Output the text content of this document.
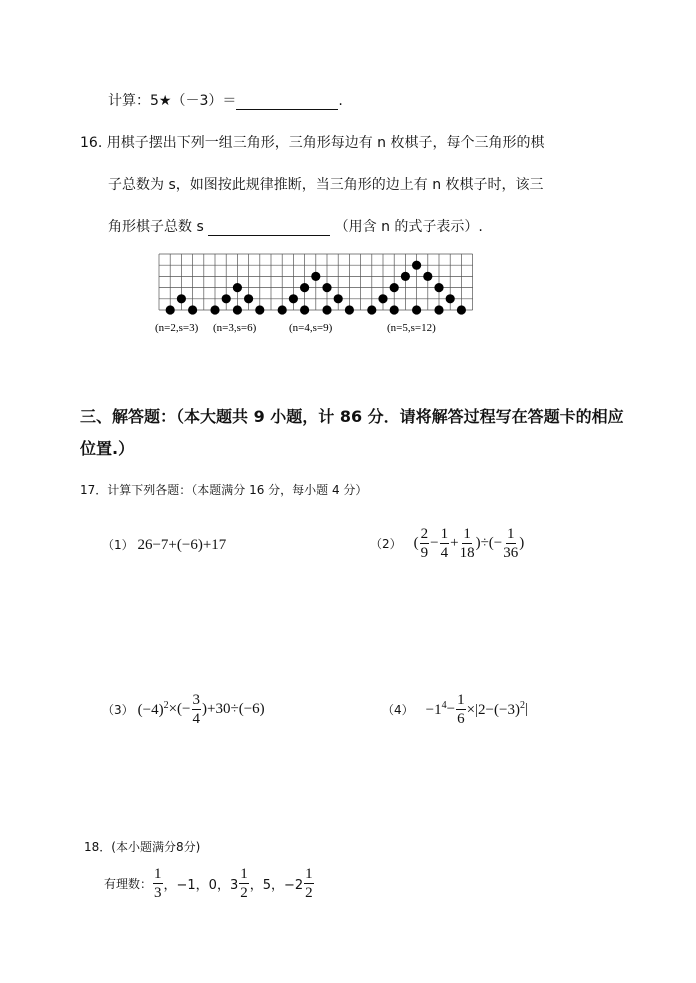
计算：5★（－3）＝	.
16. 用棋子摆出下列一组三角形，三角形每边有 n 枚棋子，每个三角形的棋
子总数为 s，如图按此规律推断，当三角形的边上有 n 枚棋子时，该三
角形棋子总数 s	（用含 n 的式子表示）.
(n=2,s=3) (n=3,s=6)	(n=4,s=9)	(n=5,s=12)
三、解答题：（本大题共 9 小题，计 86 分．请将解答过程写在答题卡的相应
位置.）
17．计算下列各题：（本题满分 16 分，每小题 4 分）
（1） 26−7+(−6)+17	（2） ( $\frac{2}{9} - \frac{1}{4} + \frac{1}{18}$ )÷(− $\frac{1}{36}$ )
（3） $(-4)^2$ ×(− $\frac{3}{4} )+30\div(-6)$	$(4) -1^4 - \frac{1}{6} \times|2-(-3)^2$ |
18．(本小题满分8分)
有理数： $\frac{1}{3}$ ，−1，0，$3 \frac{1}{2}$ ，5，$-2 \frac{1}{2}$
